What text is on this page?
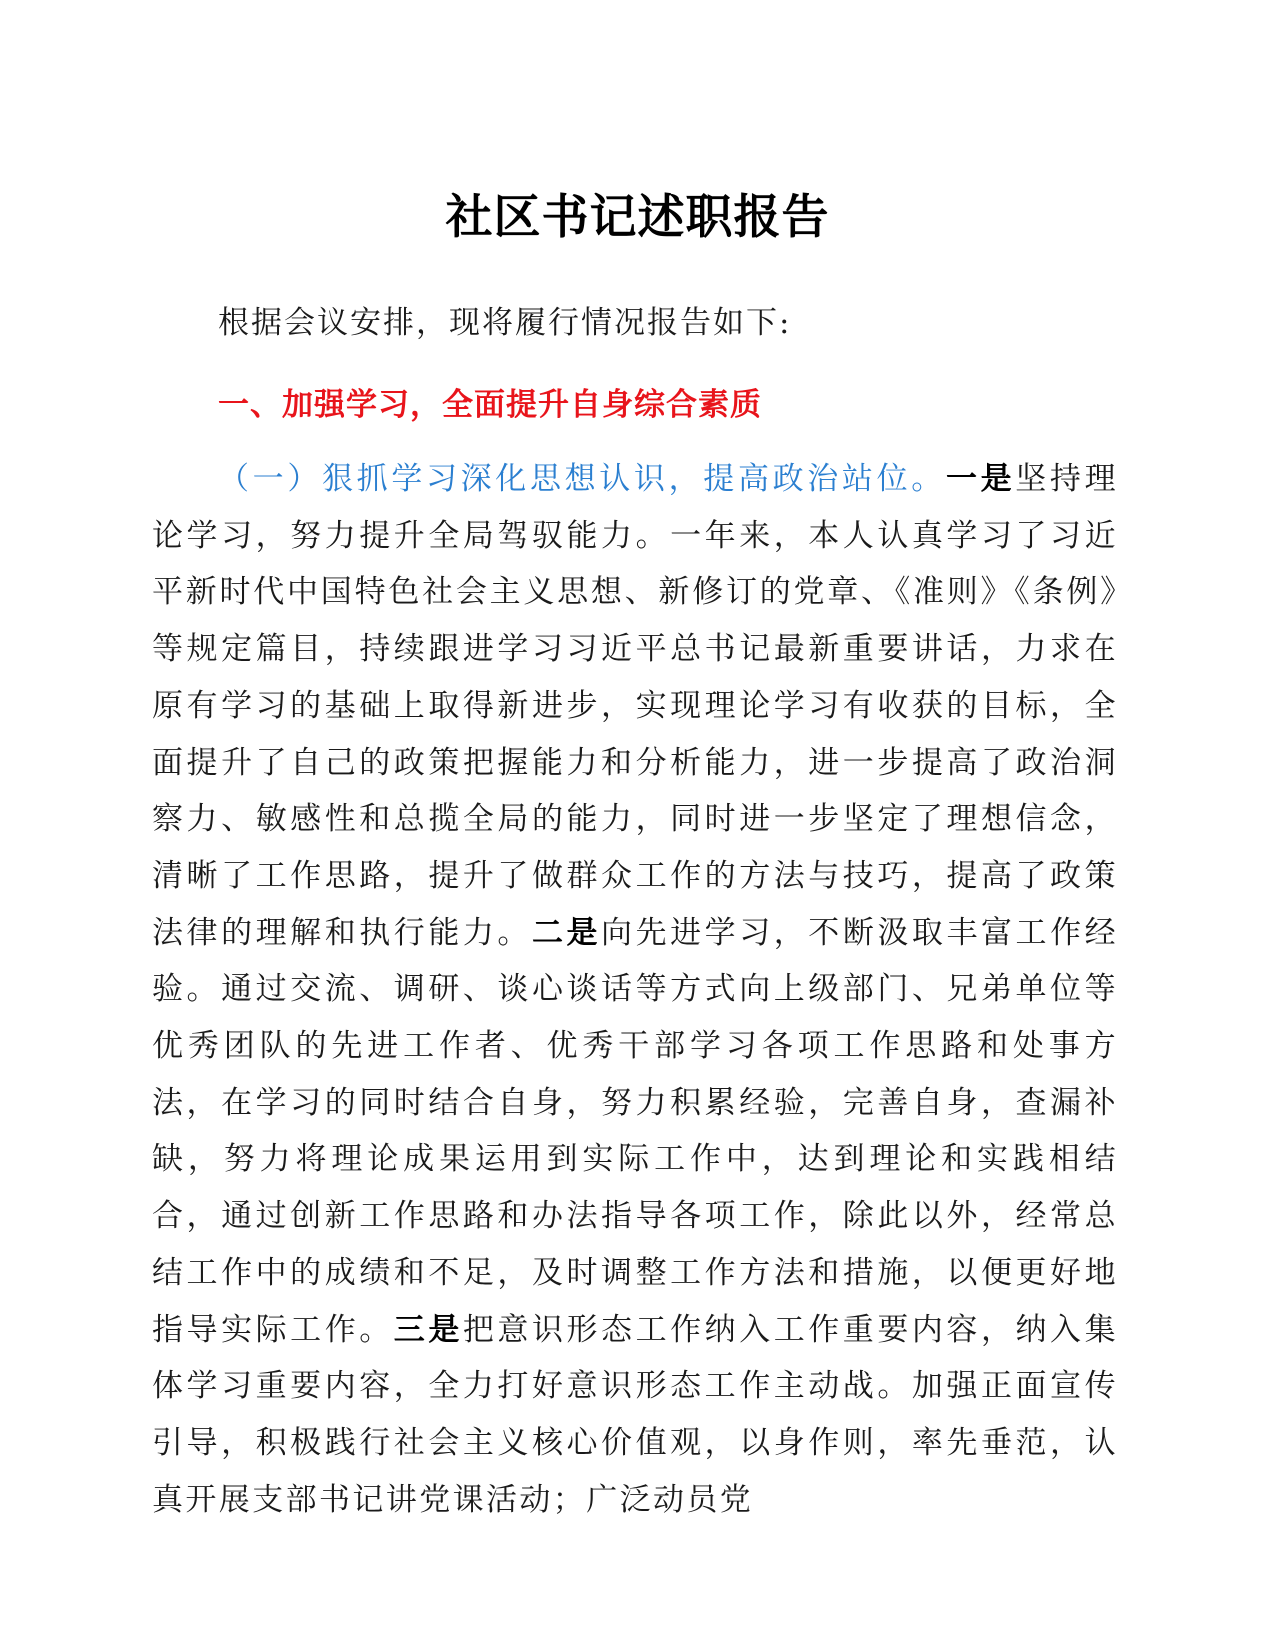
社区书记述职报告
根据会议安排，现将履行情况报告如下:
一、加强学习，全面提升自身综合素质
（一）狠抓学习深化思想认识，提高政治站位。一是坚持理论学习，努力提升全局驾驭能力。一年来，本人认真学习了习近平新时代中国特色社会主义思想、新修订的党章、《准则》《条例》等规定篇目，持续跟进学习习近平总书记最新重要讲话，力求在原有学习的基础上取得新进步，实现理论学习有收获的目标，全面提升了自己的政策把握能力和分析能力，进一步提高了政治洞察力、敏感性和总揽全局的能力，同时进一步坚定了理想信念，清晰了工作思路，提升了做群众工作的方法与技巧，提高了政策法律的理解和执行能力。二是向先进学习，不断汲取丰富工作经验。通过交流、调研、谈心谈话等方式向上级部门、兄弟单位等优秀团队的先进工作者、优秀干部学习各项工作思路和处事方法，在学习的同时结合自身，努力积累经验，完善自身，查漏补缺，努力将理论成果运用到实际工作中，达到理论和实践相结合，通过创新工作思路和办法指导各项工作，除此以外，经常总结工作中的成绩和不足，及时调整工作方法和措施，以便更好地指导实际工作。三是把意识形态工作纳入工作重要内容，纳入集体学习重要内容，全力打好意识形态工作主动战。加强正面宣传引导，积极践行社会主义核心价值观，以身作则，率先垂范，认真开展支部书记讲党课活动；广泛动员党
